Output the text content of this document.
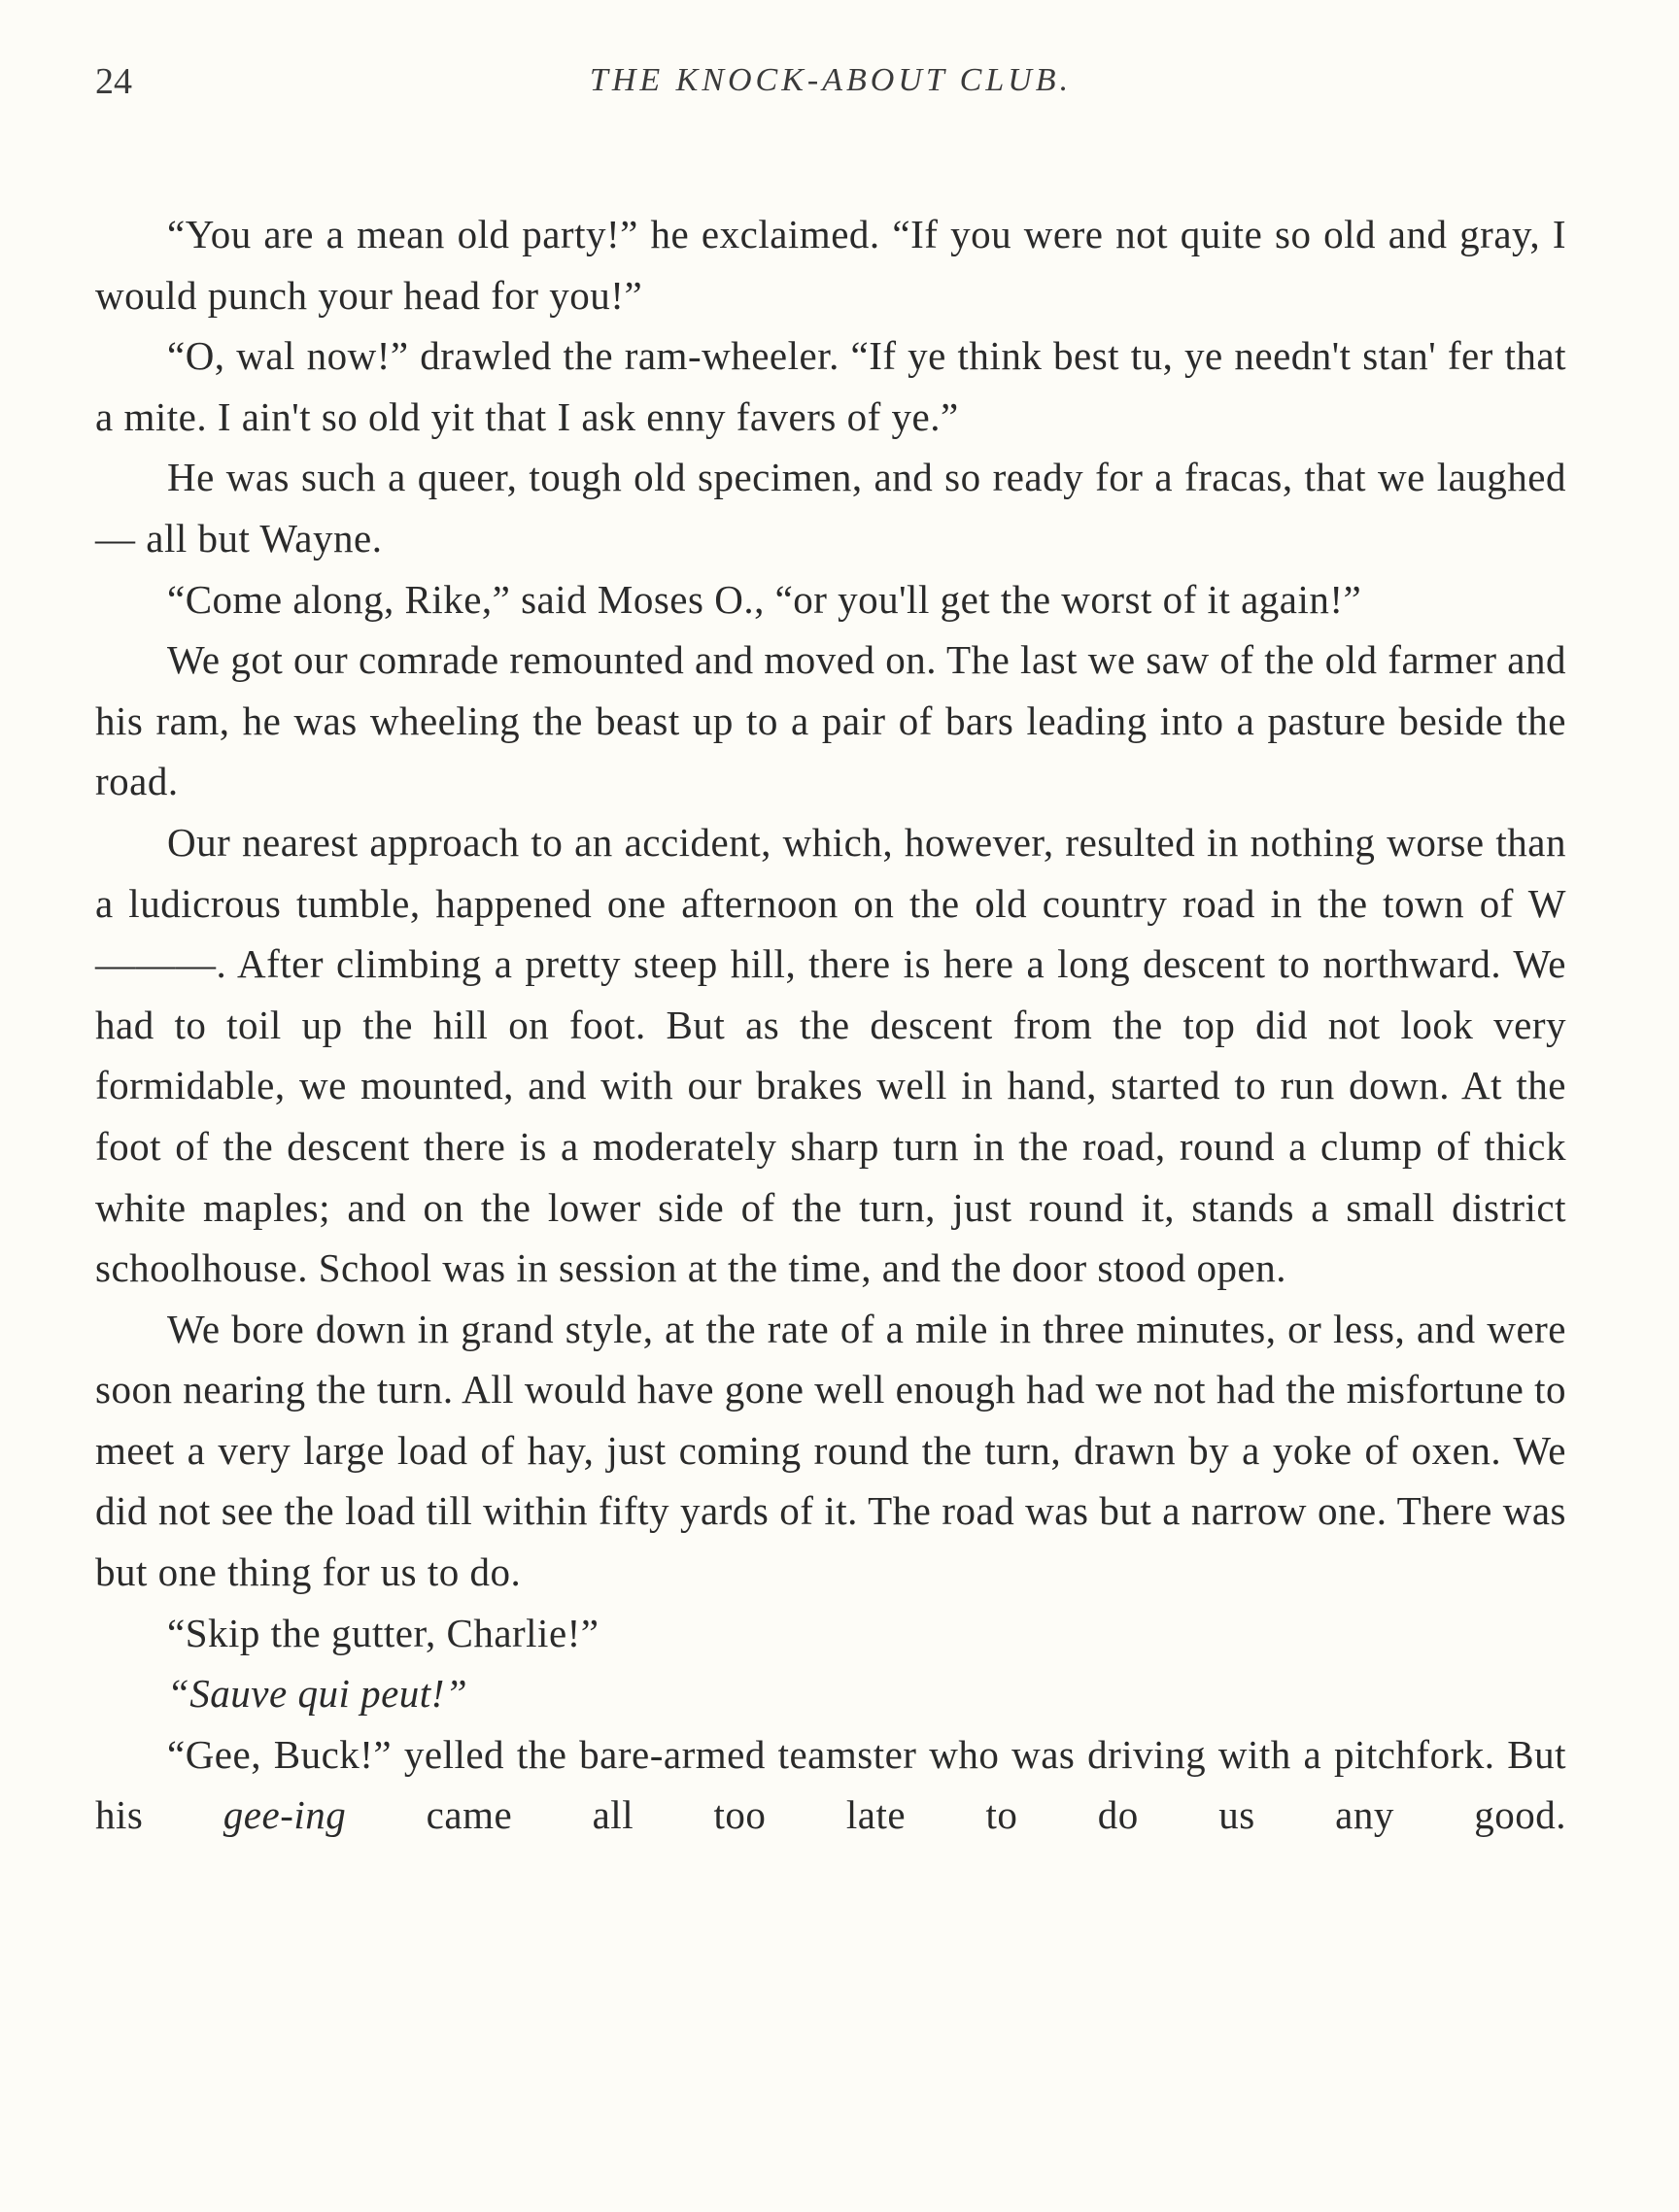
24	THE KNOCK-ABOUT CLUB.

“You are a mean old party!” he exclaimed. “If you were not quite so old and gray, I would punch your head for you!”

“O, wal now!” drawled the ram-wheeler. “If ye think best tu, ye needn't stan' fer that a mite. I ain't so old yit that I ask enny favers of ye.”

He was such a queer, tough old specimen, and so ready for a fracas, that we laughed — all but Wayne.

“Come along, Rike,” said Moses O., “or you'll get the worst of it again!”

We got our comrade remounted and moved on. The last we saw of the old farmer and his ram, he was wheeling the beast up to a pair of bars leading into a pasture beside the road.

Our nearest approach to an accident, which, however, resulted in nothing worse than a ludicrous tumble, happened one afternoon on the old country road in the town of W———. After climbing a pretty steep hill, there is here a long descent to northward. We had to toil up the hill on foot. But as the descent from the top did not look very formidable, we mounted, and with our brakes well in hand, started to run down. At the foot of the descent there is a moderately sharp turn in the road, round a clump of thick white maples; and on the lower side of the turn, just round it, stands a small district schoolhouse. School was in session at the time, and the door stood open.

We bore down in grand style, at the rate of a mile in three minutes, or less, and were soon nearing the turn. All would have gone well enough had we not had the misfortune to meet a very large load of hay, just coming round the turn, drawn by a yoke of oxen. We did not see the load till within fifty yards of it. The road was but a narrow one. There was but one thing for us to do.

“Skip the gutter, Charlie!”

“Sauve qui peut!”

“Gee, Buck!” yelled the bare-armed teamster who was driving with a pitchfork. But his gee-ing came all too late to do us any good.
